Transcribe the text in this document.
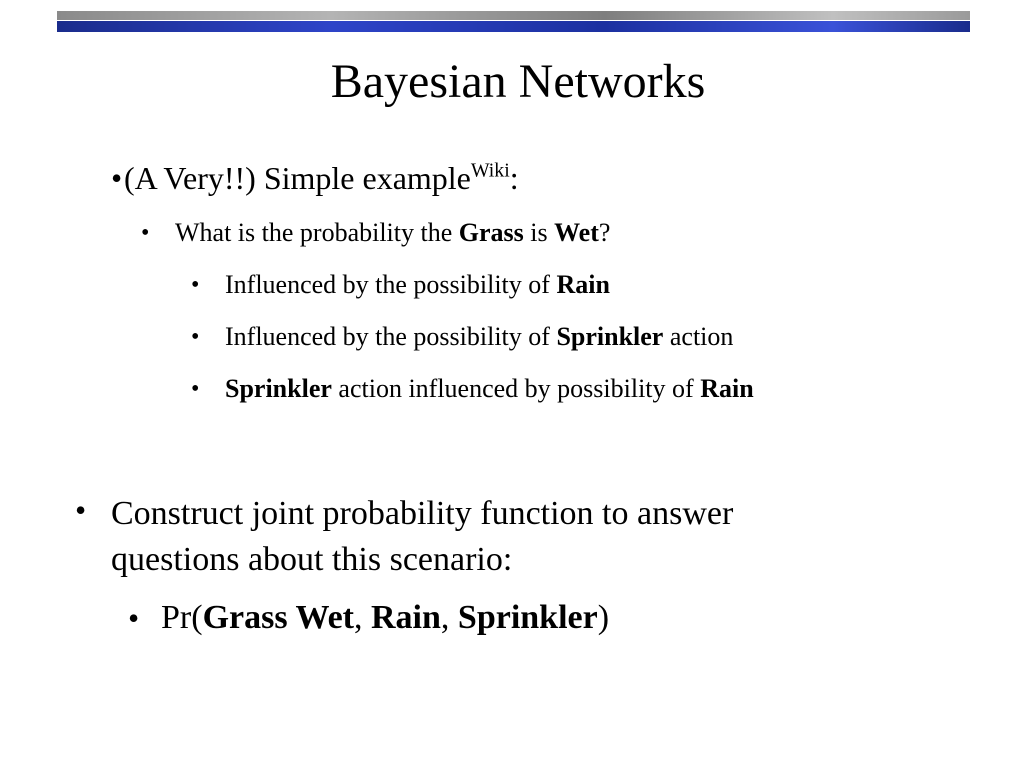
Bayesian Networks
• (A Very!!) Simple example$^{Wiki}$:
• What is the probability the Grass is Wet?
• Influenced by the possibility of Rain
• Influenced by the possibility of Sprinkler action
• Sprinkler action influenced by possibility of Rain
• Construct joint probability function to answer
questions about this scenario:
• Pr(Grass Wet, Rain, Sprinkler)
